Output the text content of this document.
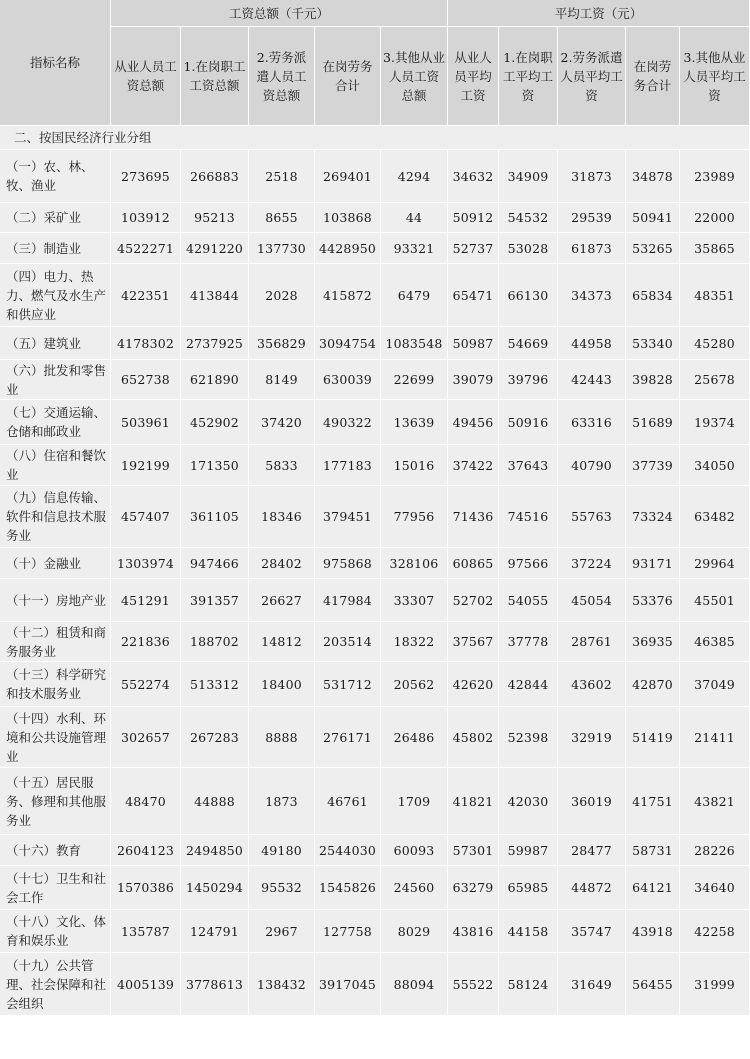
指标名称	工资总额（千元）					平均工资（元）				
	从业人员工资总额	1.在岗职工工资总额	2.劳务派遣人员工资总额	在岗劳务合计	3.其他从业人员工资总额	从业人员平均工资	1.在岗职工平均工资	2.劳务派遣人员平均工资	在岗劳务合计	3.其他从业人员平均工资
二、按国民经济行业分组										
（一）农、林、牧、渔业	273695	266883	2518	269401	4294	34632	34909	31873	34878	23989
（二）采矿业	103912	95213	8655	103868	44	50912	54532	29539	50941	22000
（三）制造业	4522271	4291220	137730	4428950	93321	52737	53028	61873	53265	35865
（四）电力、热力、燃气及水生产和供应业	422351	413844	2028	415872	6479	65471	66130	34373	65834	48351
（五）建筑业	4178302	2737925	356829	3094754	1083548	50987	54669	44958	53340	45280
（六）批发和零售业	652738	621890	8149	630039	22699	39079	39796	42443	39828	25678
（七）交通运输、仓储和邮政业	503961	452902	37420	490322	13639	49456	50916	63316	51689	19374
（八）住宿和餐饮业	192199	171350	5833	177183	15016	37422	37643	40790	37739	34050
（九）信息传输、软件和信息技术服务业	457407	361105	18346	379451	77956	71436	74516	55763	73324	63482
（十）金融业	1303974	947466	28402	975868	328106	60865	97566	37224	93171	29964
（十一）房地产业	451291	391357	26627	417984	33307	52702	54055	45054	53376	45501
（十二）租赁和商务服务业	221836	188702	14812	203514	18322	37567	37778	28761	36935	46385
（十三）科学研究和技术服务业	552274	513312	18400	531712	20562	42620	42844	43602	42870	37049
（十四）水利、环境和公共设施管理业	302657	267283	8888	276171	26486	45802	52398	32919	51419	21411
（十五）居民服务、修理和其他服务业	48470	44888	1873	46761	1709	41821	42030	36019	41751	43821
（十六）教育	2604123	2494850	49180	2544030	60093	57301	59987	28477	58731	28226
（十七）卫生和社会工作	1570386	1450294	95532	1545826	24560	63279	65985	44872	64121	34640
（十八）文化、体育和娱乐业	135787	124791	2967	127758	8029	43816	44158	35747	43918	42258
（十九）公共管理、社会保障和社会组织	4005139	3778613	138432	3917045	88094	55522	58124	31649	56455	31999
